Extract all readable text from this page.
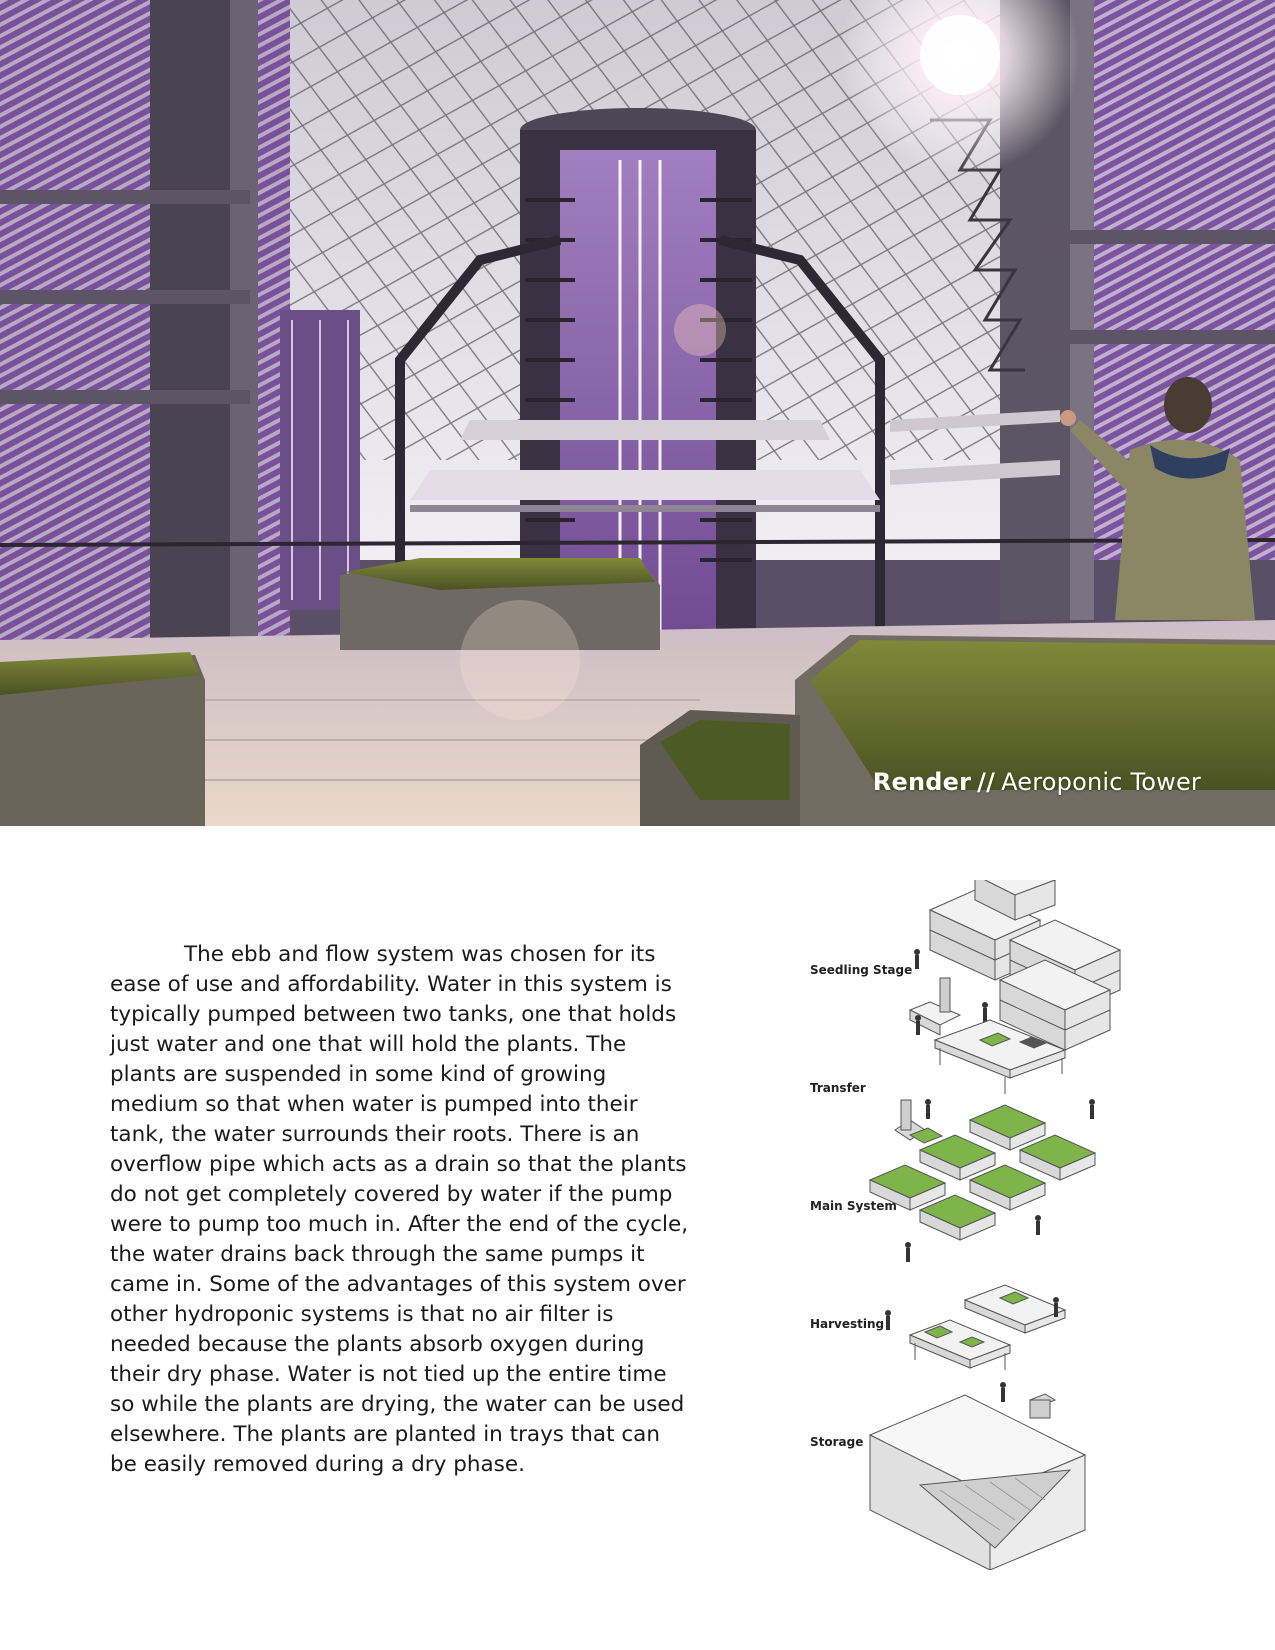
Render // Aeroponic Tower

The ebb and flow system was chosen for its ease of use and affordability. Water in this system is typically pumped between two tanks, one that holds just water and one that will hold the plants. The plants are suspended in some kind of growing medium so that when water is pumped into their tank, the water surrounds their roots. There is an overflow pipe which acts as a drain so that the plants do not get completely covered by water if the pump were to pump too much in. After the end of the cycle, the water drains back through the same pumps it came in. Some of the advantages of this system over other hydroponic systems is that no air filter is needed because the plants absorb oxygen during their dry phase. Water is not tied up the entire time so while the plants are drying, the water can be used elsewhere. The plants are planted in trays that can be easily removed during a dry phase.

Seedling Stage
Transfer
Main System
Harvesting
Storage
